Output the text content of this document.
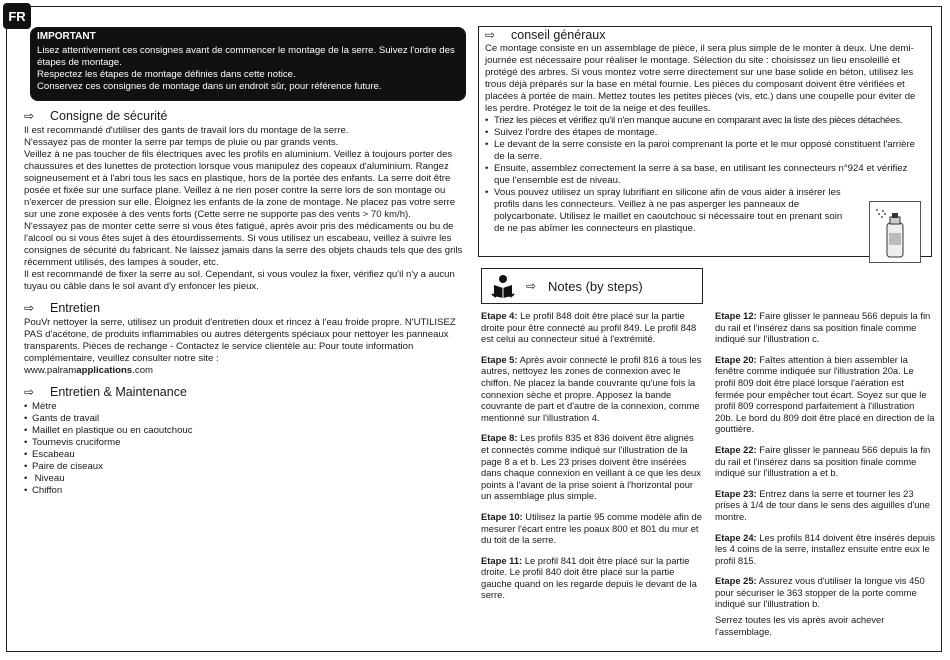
FR
IMPORTANT

Lisez attentivement ces consignes avant de commencer le montage de la serre. Suivez l'ordre des étapes de montage.

Respectez les étapes de montage définies dans cette notice.

Conservez ces consignes de montage dans un endroit sûr, pour référence future.

⇨	Consigne de sécurité

Il est recommandé d'utiliser des gants de travail lors du montage de la serre.

N'essayez pas de monter la serre par temps de pluie ou par grands vents.

Veillez à ne pas toucher de fils électriques avec les profils en aluminium. Veillez à toujours porter des chaussures et des lunettes de protection lorsque vous manipulez des copeaux d'aluminium. Rangez soigneusement et à l'abri tous les sacs en plastique, hors de la portée des enfants. La serre doit être posée et fixée sur une surface plane. Veillez à ne rien poser contre la serre lors de son montage ou n'exercer de pression sur elle. Éloignez les enfants de la zone de montage. Ne placez pas votre serre sur une zone exposée à des vents forts (Cette serre ne supporte pas des vents > 70 km/h).

N'essayez pas de monter cette serre si vous êtes fatigué, après avoir pris des médicaments ou bu de l'alcool ou si vous êtes sujet à des étourdissements. Si vous utilisez un escabeau, veillez à suivre les consignes de sécurité du fabricant. Ne laissez jamais dans la serre des objets chauds tels que des grils récemment utilisés, des lampes à souder, etc.

Il est recommandé de fixer la serre au sol. Cependant, si vous voulez la fixer, vérifiez qu'il n'y a aucun tuyau ou câble dans le sol avant d'y enfoncer les pieux.

⇨	Entretien

PouVr nettoyer la serre, utilisez un produit d'entretien doux et rincez à l'eau froide propre. N'UTILISEZ PAS d'acétone, de produits inflammables ou autres détergents spéciaux pour nettoyer les panneaux transparents. Pièces de rechange - Contactez le service clientèle au: Pour toute information complémentaire, veuillez consulter notre site :

www.palramapplications.com

⇨	Entretien & Maintenance
• Mètre
• Gants de travail
• Maillet en plastique ou en caoutchouc
• Tournevis cruciforme
• Escabeau
• Paire de ciseaux
•  Niveau
• Chiffon
⇨	conseil généraux

Ce montage consiste en un assemblage de pièce, il sera plus simple de le monter à deux. Une demi-journée est nécessaire pour réaliser le montage. Sélection du site : choisissez un lieu ensoleillé et protégé des arbres. Si vous montez votre serre directement sur une base solide en béton, utilisez les trous déjà préparés sur la base en métal fournie. Les pièces du composant doivent être vérifiées et placées à portée de main. Mettez toutes les petites pièces (vis, etc.) dans une coupelle pour éviter de les perdre. Protégez le toit de la neige et des feuilles.

• Triez les pièces et vérifiez qu'il n'en manque aucune en comparant avec la liste des pièces détachées.
• Suivez l'ordre des étapes de montage.
• Le devant de la serre consiste en la paroi comprenant la porte et le mur opposé constituent l'arrière de la serre.
• Ensuite, assemblez correctement la serre à sa base, en utilisant les connecteurs n°924 et vérifiez que l'ensemble est de niveau.
• Vous pouvez utilisez un spray lubrifiant en silicone afin de vous aider à insérer les profils dans les connecteurs. Veillez à ne pas asperger les panneaux de polycarbonate. Utilisez le maillet en caoutchouc si nécessaire tout en prenant soin de ne pas abîmer les connecteurs en plastique.
⇨ Notes (by steps)
Etape 4: Le profil 848 doit être placé sur la partie droite pour être connecté au profil 849. Le profil 848 est celui au connecteur situé à l'extrémité.
Etape 5: Après avoir connecté le profil 816 à tous les autres, nettoyez les zones de connexion avec le chiffon. Ne placez la bande couvrante qu'une fois la connexion sèche et propre. Apposez la bande couvrante de part et d'autre de la connexion, comme mentionné sur l'illustration 4.
Etape 8: Les profils 835 et 836 doivent être alignés et connectés comme indiqué sur l'illustration de la page 8 a et b. Les 23 prises doivent être insérées dans chaque connexion en veillant à ce que les deux points à l'avant de la prise soient à l'horizontal pour un assemblage plus simple.
Etape 10: Utilisez la partie 95 comme modèle afin de mesurer l'écart entre les poaux 800 et 801 du mur et du toit de la serre.
Etape 11: Le profil 841 doit être placé sur la partie droite. Le profil 840 doit être placé sur la partie gauche quand on les regarde depuis le devant de la serre.
Etape 12: Faire glisser le panneau 566 depuis la fin du rail et l'insérez dans sa position finale comme indiqué sur l'illustration c.
Etape 20: Faîtes attention à bien assembler la fenêtre comme indiquée sur l'illustration 20a. Le profil 809 doit être placé lorsque l'aération est fermée pour empêcher tout écart. Soyez sur que le profil 809 correspond parfaitement à l'illustration 20b. Le bord du 809 doit être placé en direction de la gouttière.
Etape 22: Faire glisser le panneau 566 depuis la fin du rail et l'insérez dans sa position finale comme indiqué sur l'illustration a et b.
Etape 23: Entrez dans la serre et tourner les 23 prises à 1/4 de tour dans le sens des aiguilles d'une montre.
Etape 24: Les profils 814 doivent être insérés depuis les 4 coins de la serre, installez ensuite entre eux le profil 815.
Etape 25: Assurez vous d'utiliser la longue vis 450 pour sécuriser le 363 stopper de la porte comme indiqué sur l'illustration b.
Serrez toutes les vis après avoir achever l'assemblage.
